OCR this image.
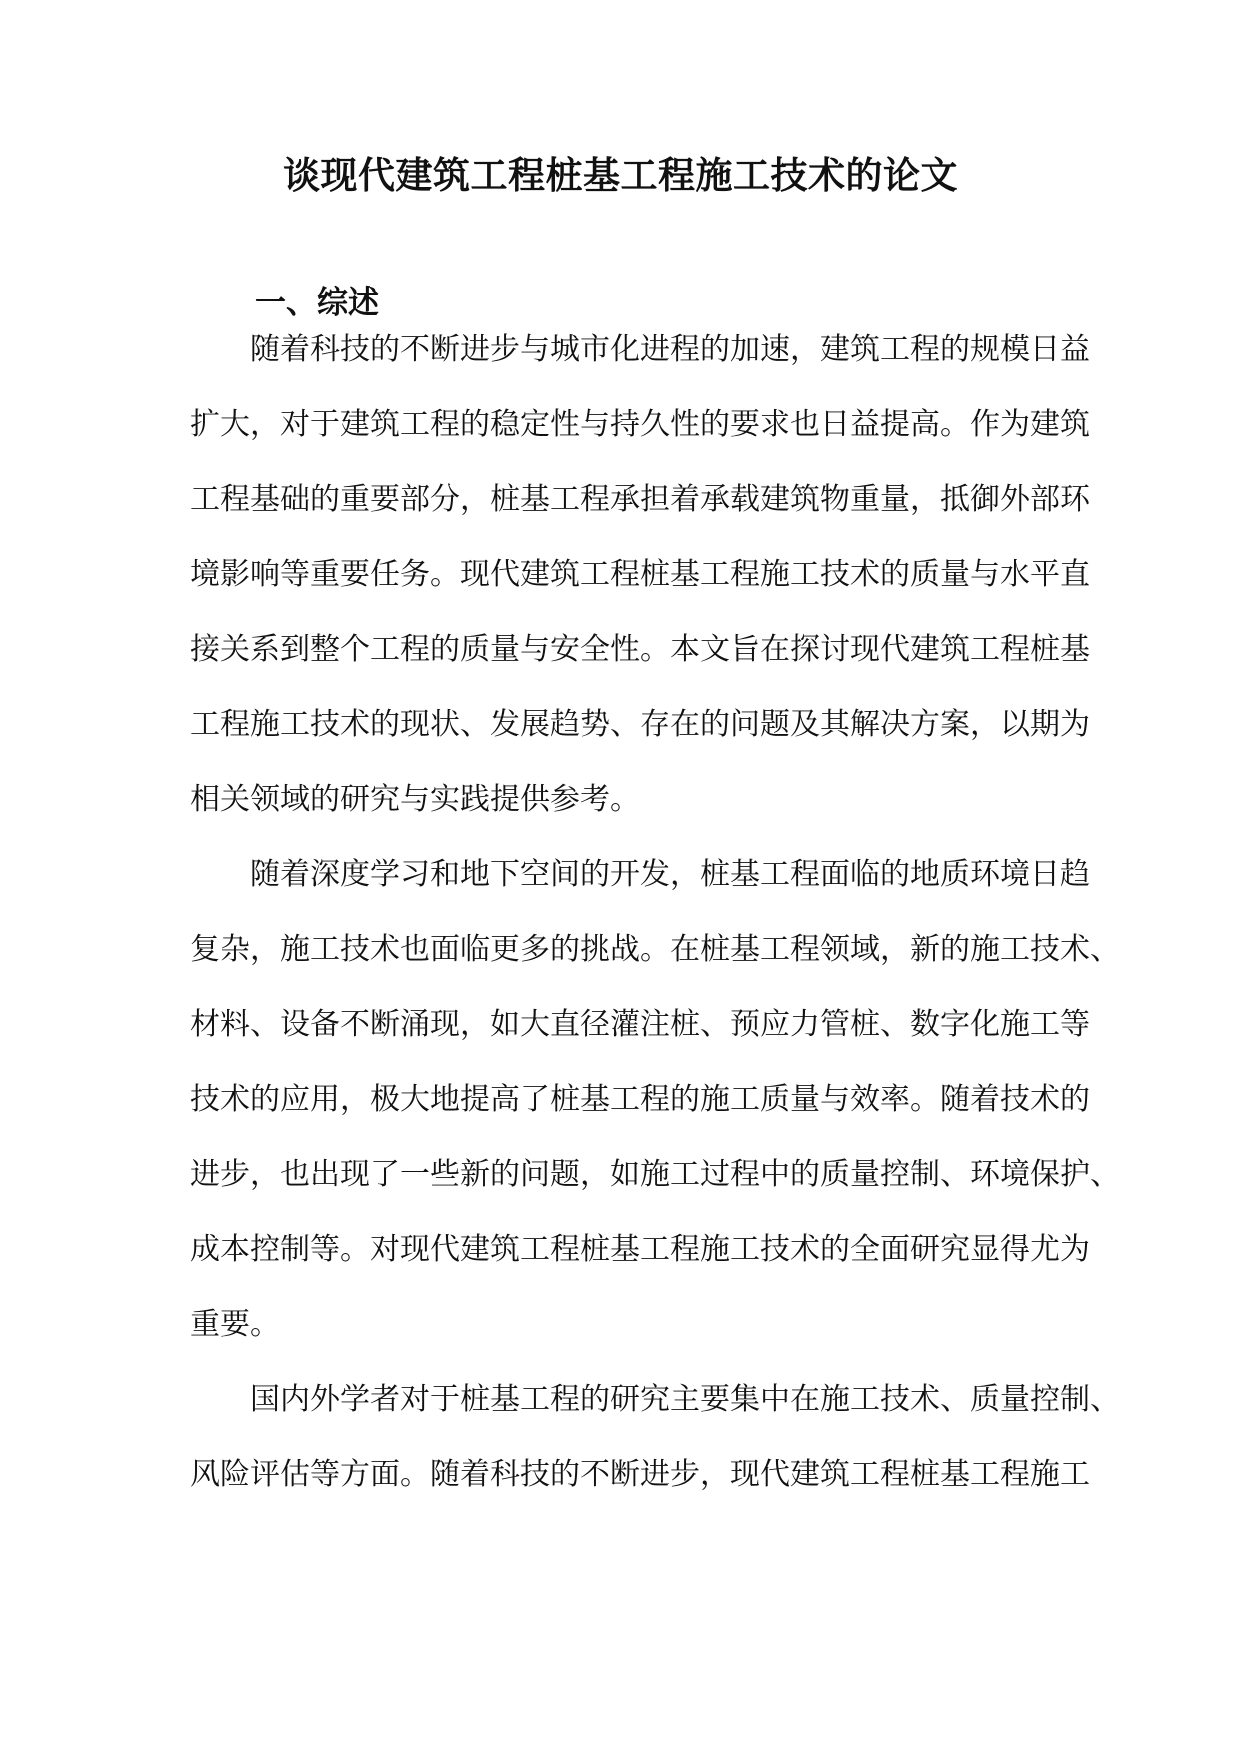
谈现代建筑工程桩基工程施工技术的论文
一、综述
随着科技的不断进步与城市化进程的加速，建筑工程的规模日益
扩大，对于建筑工程的稳定性与持久性的要求也日益提高。作为建筑
工程基础的重要部分，桩基工程承担着承载建筑物重量，抵御外部环
境影响等重要任务。现代建筑工程桩基工程施工技术的质量与水平直
接关系到整个工程的质量与安全性。本文旨在探讨现代建筑工程桩基
工程施工技术的现状、发展趋势、存在的问题及其解决方案，以期为
相关领域的研究与实践提供参考。
随着深度学习和地下空间的开发，桩基工程面临的地质环境日趋
复杂，施工技术也面临更多的挑战。在桩基工程领域，新的施工技术、
材料、设备不断涌现，如大直径灌注桩、预应力管桩、数字化施工等
技术的应用，极大地提高了桩基工程的施工质量与效率。随着技术的
进步，也出现了一些新的问题，如施工过程中的质量控制、环境保护、
成本控制等。对现代建筑工程桩基工程施工技术的全面研究显得尤为
重要。
国内外学者对于桩基工程的研究主要集中在施工技术、质量控制、
风险评估等方面。随着科技的不断进步，现代建筑工程桩基工程施工
